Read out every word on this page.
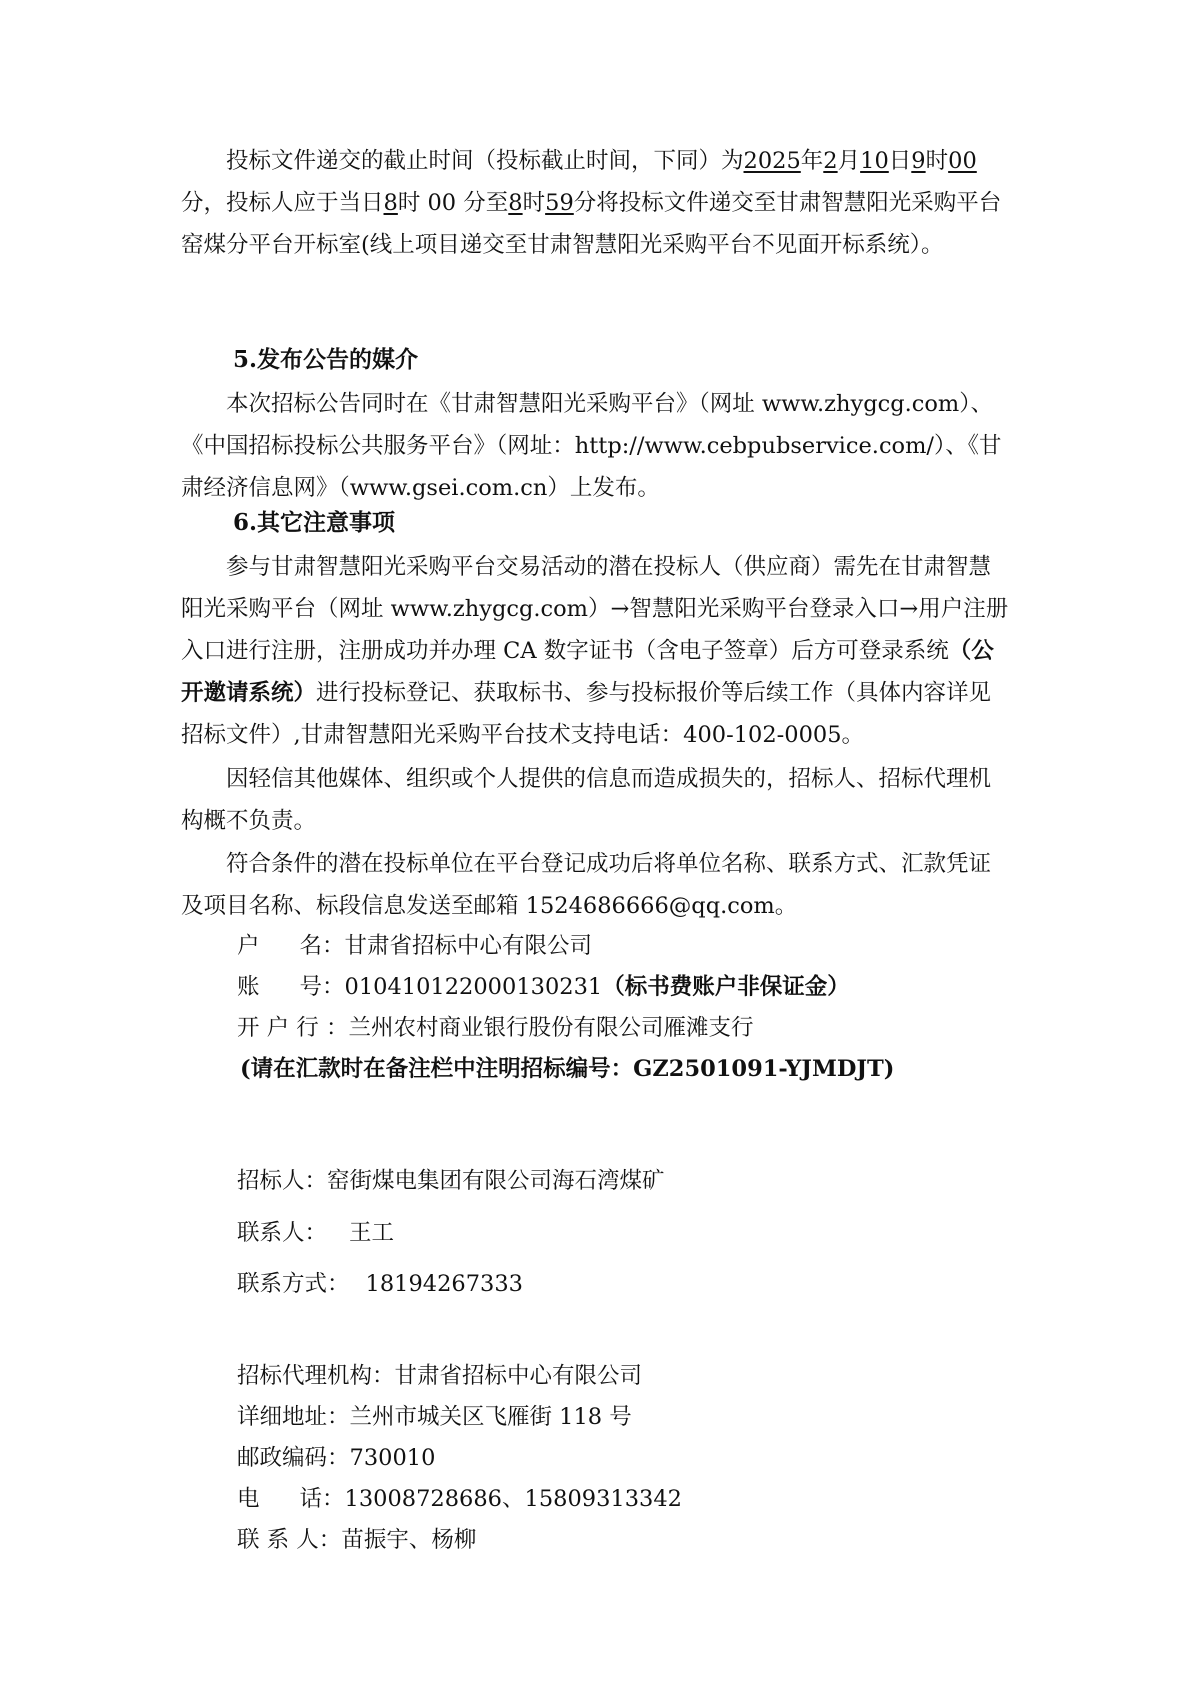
投标文件递交的截止时间（投标截止时间，下同）为2025年2月10日9时00分，投标人应于当日8时 00 分至8时59分将投标文件递交至甘肃智慧阳光采购平台窑煤分平台开标室(线上项目递交至甘肃智慧阳光采购平台不见面开标系统）。

5.发布公告的媒介

本次招标公告同时在《甘肃智慧阳光采购平台》（网址 www.zhygcg.com）、《中国招标投标公共服务平台》（网址：http://www.cebpubservice.com/）、《甘肃经济信息网》（www.gsei.com.cn）上发布。

6.其它注意事项

参与甘肃智慧阳光采购平台交易活动的潜在投标人（供应商）需先在甘肃智慧阳光采购平台（网址 www.zhygcg.com）→智慧阳光采购平台登录入口→用户注册入口进行注册，注册成功并办理 CA 数字证书（含电子签章）后方可登录系统（公开邀请系统）进行投标登记、获取标书、参与投标报价等后续工作（具体内容详见招标文件）,甘肃智慧阳光采购平台技术支持电话：400-102-0005。

因轻信其他媒体、组织或个人提供的信息而造成损失的，招标人、招标代理机构概不负责。

符合条件的潜在投标单位在平台登记成功后将单位名称、联系方式、汇款凭证及项目名称、标段信息发送至邮箱 1524686666@qq.com。

户 名：甘肃省招标中心有限公司

账 号：010410122000130231（标书费账户非保证金）

开 户 行 ：兰州农村商业银行股份有限公司雁滩支行

(请在汇款时在备注栏中注明招标编号：GZ2501091-YJMDJT)

招标人：窑街煤电集团有限公司海石湾煤矿

联系人： 王工

联系方式： 18194267333

招标代理机构：甘肃省招标中心有限公司

详细地址：兰州市城关区飞雁街 118 号

邮政编码：730010

电 话：13008728686、15809313342

联 系 人：苗振宇、杨柳
